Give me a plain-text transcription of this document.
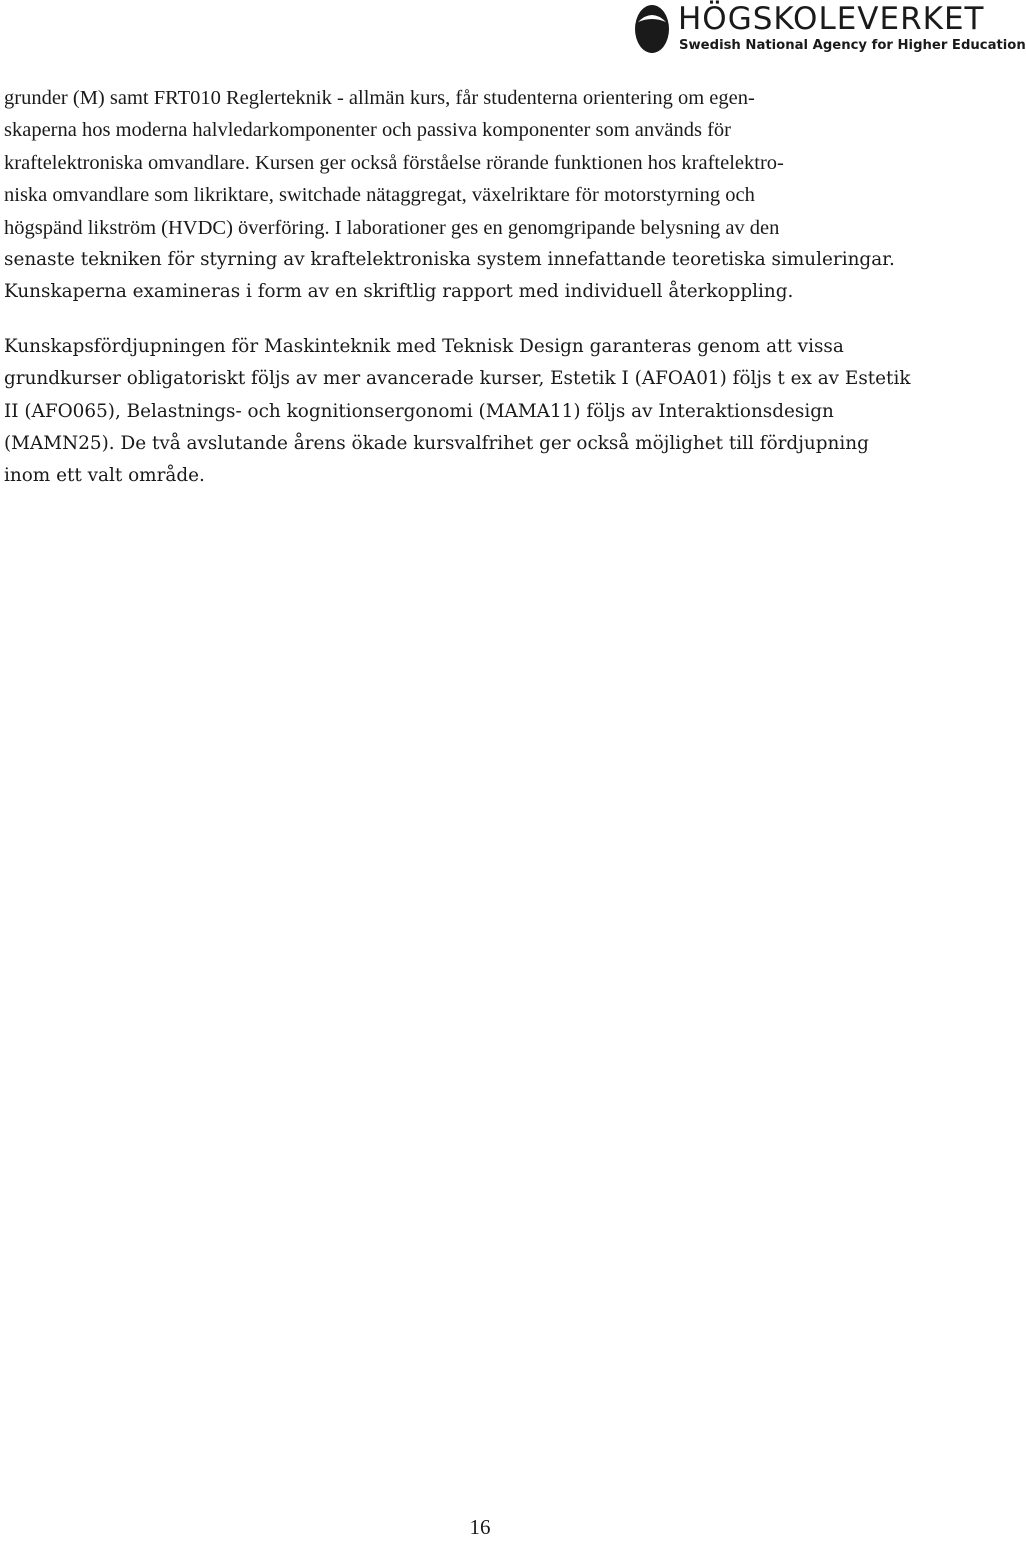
HÖGSKOLEVERKET
Swedish National Agency for Higher Education
grunder (M) samt FRT010 Reglerteknik - allmän kurs, får studenterna orientering om egen-
skaperna hos moderna halvledarkomponenter och passiva komponenter som används för
kraftelektroniska omvandlare. Kursen ger också förståelse rörande funktionen hos kraftelektro-
niska omvandlare som likriktare, switchade nätaggregat, växelriktare för motorstyrning och
högspänd likström (HVDC) överföring. I laborationer ges en genomgripande belysning av den
senaste tekniken för styrning av kraftelektroniska system innefattande teoretiska simuleringar.
Kunskaperna examineras i form av en skriftlig rapport med individuell återkoppling.
Kunskapsfördjupningen för Maskinteknik med Teknisk Design garanteras genom att vissa
grundkurser obligatoriskt följs av mer avancerade kurser, Estetik I (AFOA01) följs t ex av Estetik
II (AFO065), Belastnings- och kognitionsergonomi (MAMA11) följs av Interaktionsdesign
(MAMN25). De två avslutande årens ökade kursvalfrihet ger också möjlighet till fördjupning
inom ett valt område.
16
